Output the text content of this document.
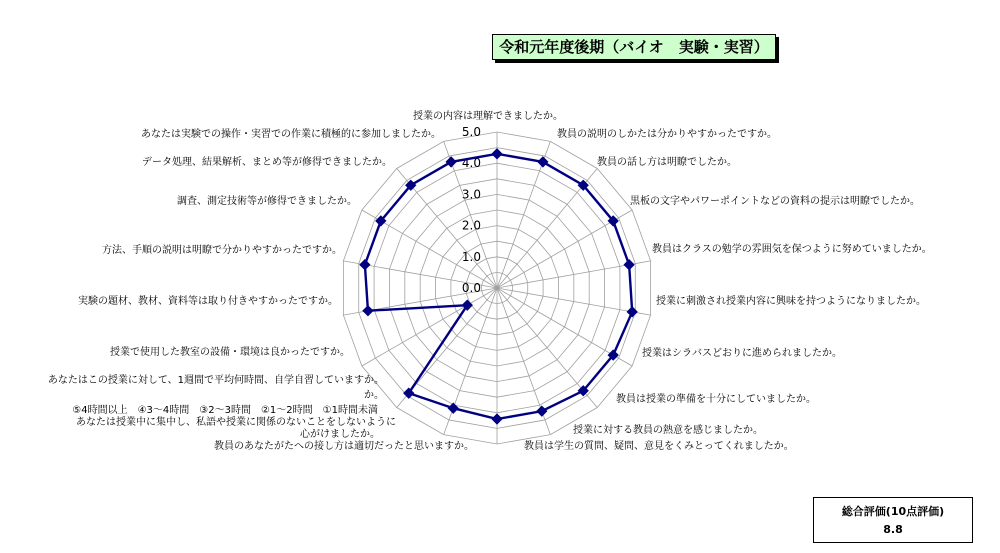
令和元年度後期（バイオ　実験・実習）
0.0
1.0
2.0
3.0
4.0
5.0
授業の内容は理解できましたか。
教員の説明のしかたは分かりやすかったですか。
教員の話し方は明瞭でしたか。
黒板の文字やパワーポイントなどの資料の提示は明瞭でしたか。
教員はクラスの勉学の雰囲気を保つように努めていましたか。
授業に刺激され授業内容に興味を持つようになりましたか。
授業はシラバスどおりに進められましたか。
教員は授業の準備を十分にしていましたか。
授業に対する教員の熱意を感じましたか。
教員は学生の質問、疑問、意見をくみとってくれましたか。
教員のあなたがたへの接し方は適切だったと思いますか。
あなたは授業中に集中し、私語や授業に関係のないことをしないように
心がけましたか。
あなたはこの授業に対して、1週間で平均何時間、自学自習していますか。
か。
⑤4時間以上　④3～4時間　③2～3時間　②1～2時間　①1時間未満
授業で使用した教室の設備・環境は良かったですか。
実験の題材、教材、資料等は取り付きやすかったですか。
方法、手順の説明は明瞭で分かりやすかったですか。
調査、測定技術等が修得できましたか。
データ処理、結果解析、まとめ等が修得できましたか。
あなたは実験での操作・実習での作業に積極的に参加しましたか。
総合評価(10点評価)
8.8
